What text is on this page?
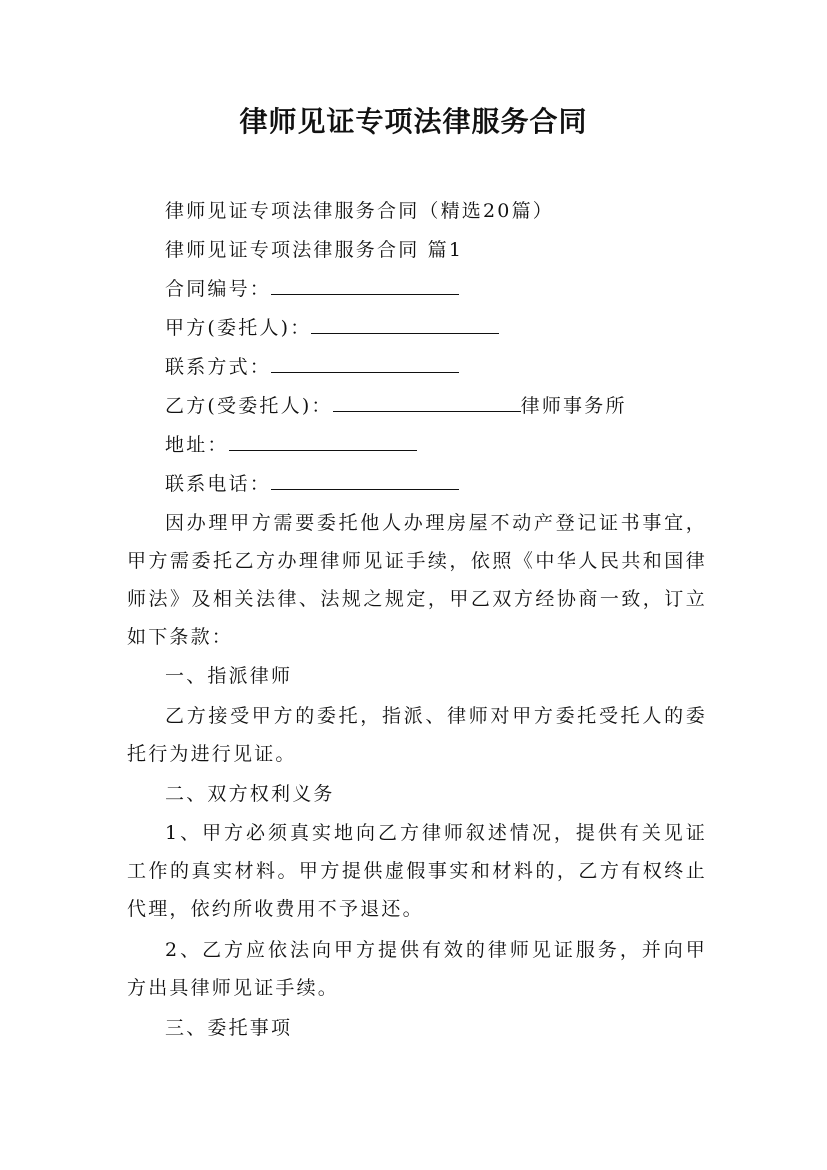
律师见证专项法律服务合同

律师见证专项法律服务合同（精选20篇）

律师见证专项法律服务合同 篇1

合同编号：

甲方(委托人)：

联系方式：

乙方(受委托人)：	律师事务所

地址：

联系电话：

因办理甲方需要委托他人办理房屋不动产登记证书事宜，甲方需委托乙方办理律师见证手续，依照《中华人民共和国律师法》及相关法律、法规之规定，甲乙双方经协商一致，订立如下条款：

一、指派律师

乙方接受甲方的委托，指派、律师对甲方委托受托人的委托行为进行见证。

二、双方权利义务

1、甲方必须真实地向乙方律师叙述情况，提供有关见证工作的真实材料。甲方提供虚假事实和材料的，乙方有权终止代理，依约所收费用不予退还。

2、乙方应依法向甲方提供有效的律师见证服务，并向甲方出具律师见证手续。

三、委托事项
